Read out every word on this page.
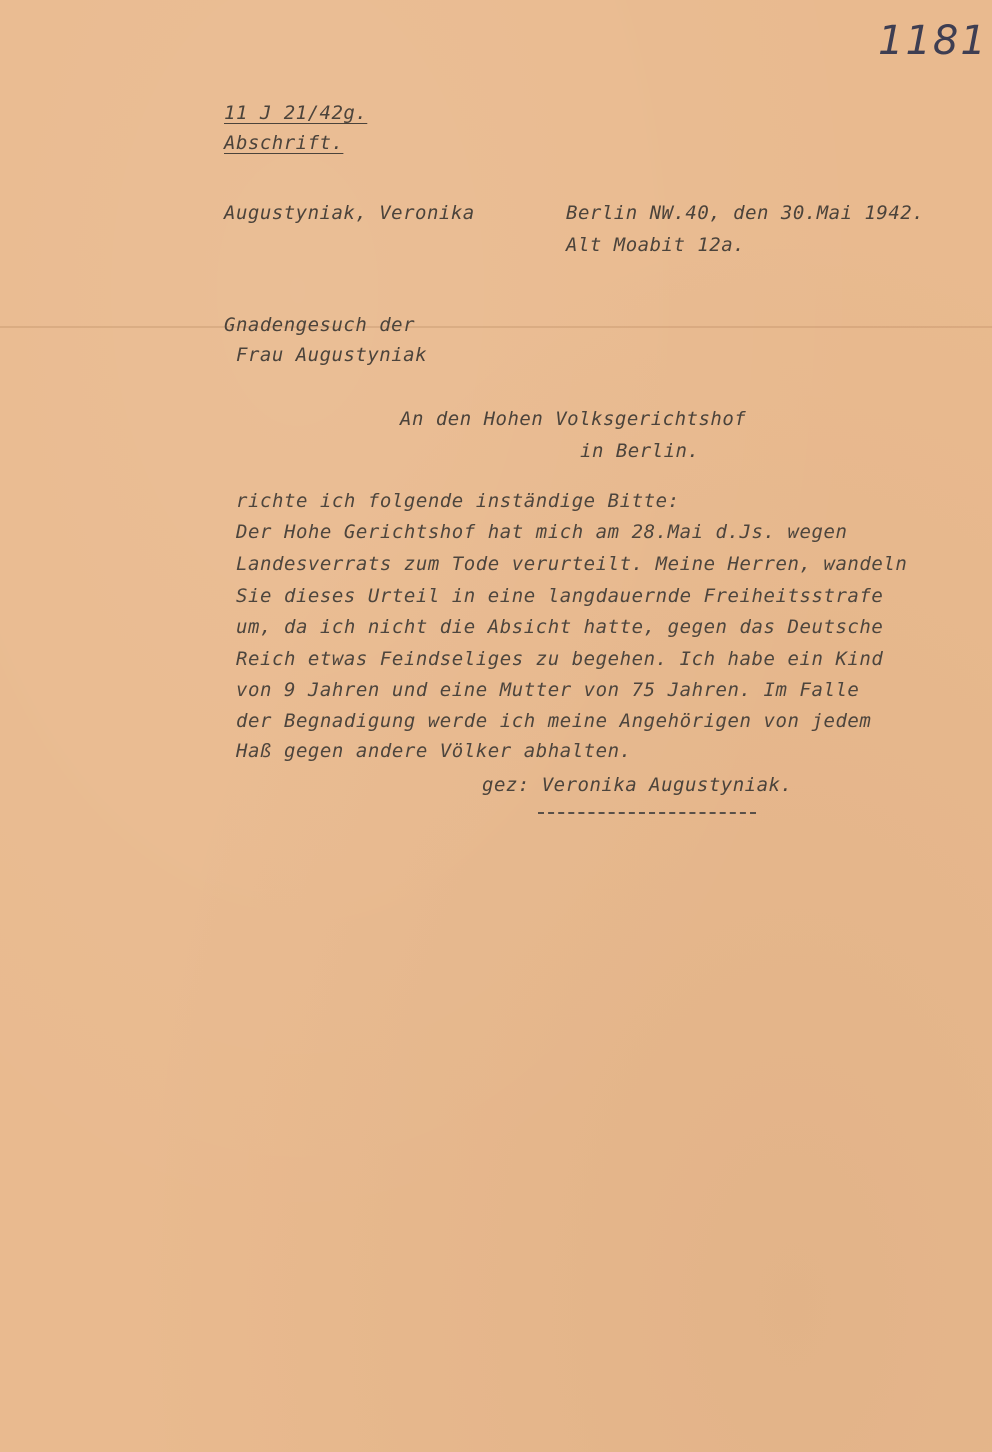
1181
11 J 21/42g.
Abschrift.
Augustyniak, Veronika	Berlin NW.40, den 30.Mai 1942.
Alt Moabit 12a.
Gnadengesuch der
Frau Augustyniak
An den Hohen Volksgerichtshof
in Berlin.
richte ich folgende inständige Bitte:
Der Hohe Gerichtshof hat mich am 28.Mai d.Js. wegen
Landesverrats zum Tode verurteilt. Meine Herren, wandeln
Sie dieses Urteil in eine langdauernde Freiheitsstrafe
um, da ich nicht die Absicht hatte, gegen das Deutsche
Reich etwas Feindseliges zu begehen. Ich habe ein Kind
von 9 Jahren und eine Mutter von 75 Jahren. Im Falle
der Begnadigung werde ich meine Angehörigen von jedem
Haß gegen andere Völker abhalten.
gez: Veronika Augustyniak.
